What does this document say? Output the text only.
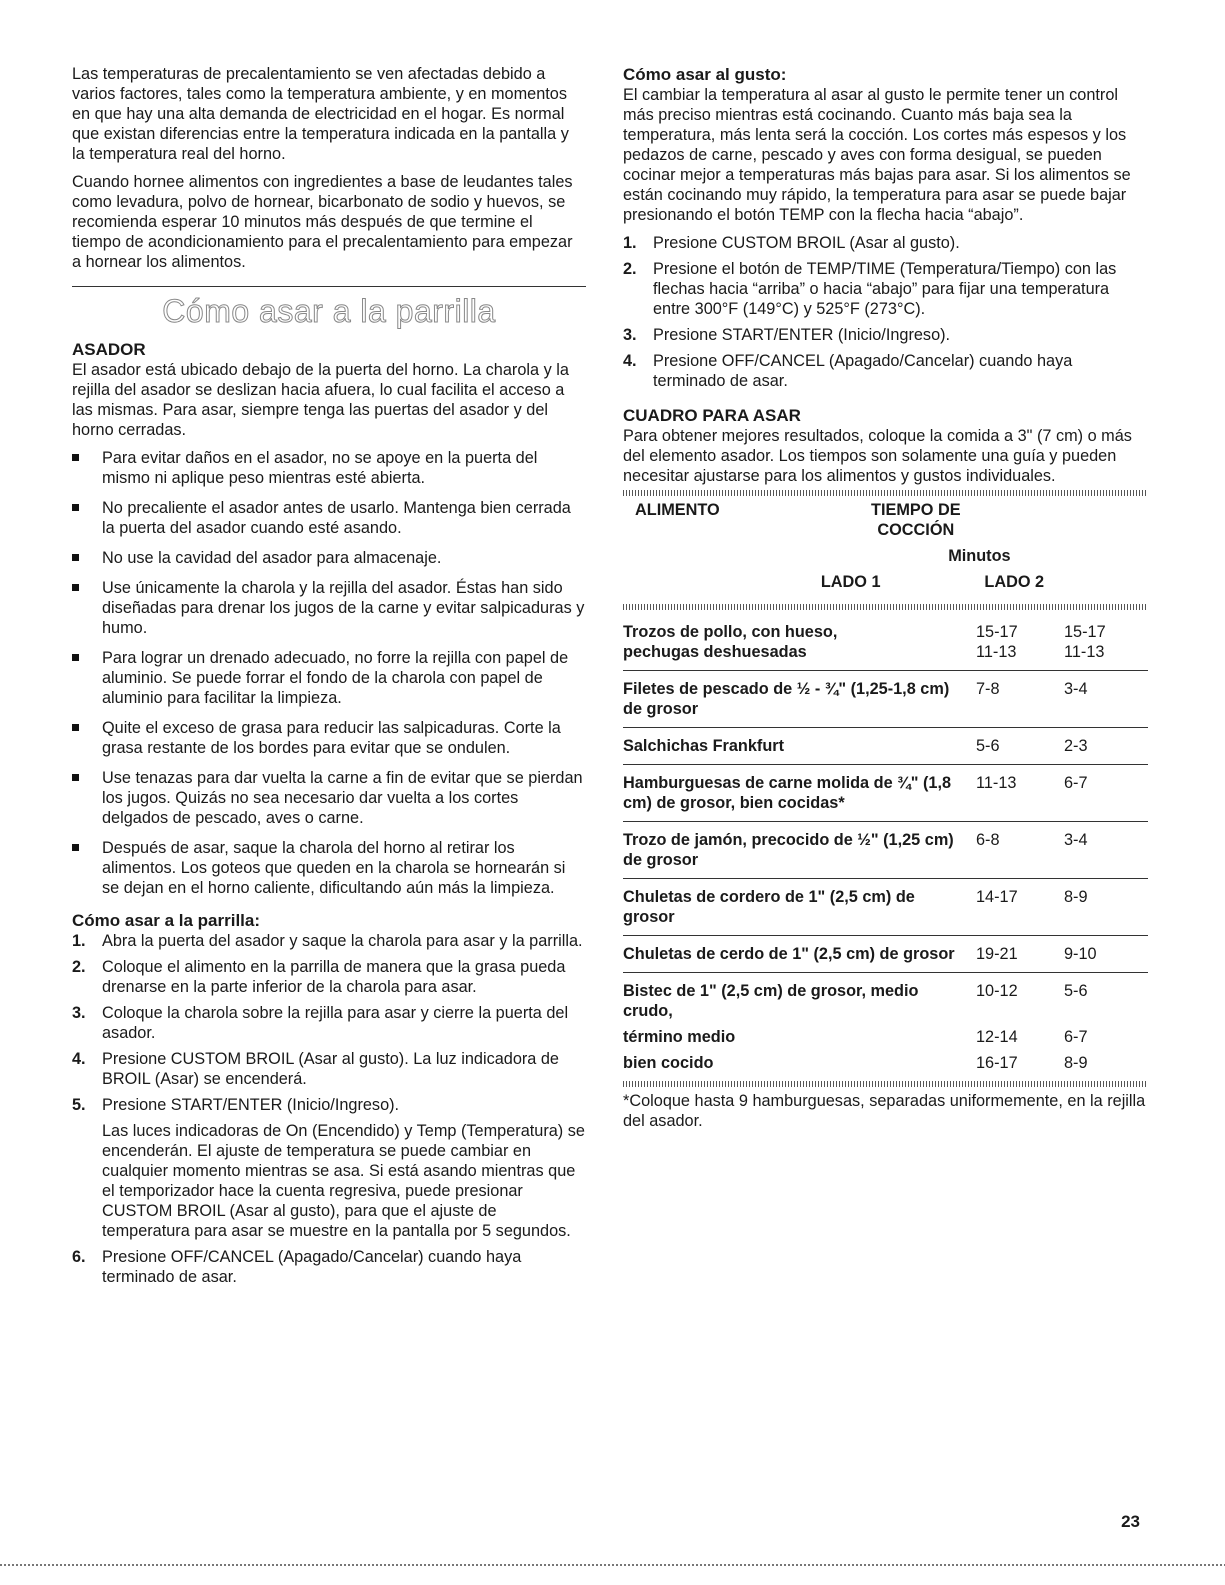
Las temperaturas de precalentamiento se ven afectadas debido a varios factores, tales como la temperatura ambiente, y en momentos en que hay una alta demanda de electricidad en el hogar. Es normal que existan diferencias entre la temperatura indicada en la pantalla y la temperatura real del horno.

Cuando hornee alimentos con ingredientes a base de leudantes tales como levadura, polvo de hornear, bicarbonato de sodio y huevos, se recomienda esperar 10 minutos más después de que termine el tiempo de acondicionamiento para el precalentamiento para empezar a hornear los alimentos.

Cómo asar a la parrilla
ASADOR

El asador está ubicado debajo de la puerta del horno. La charola y la rejilla del asador se deslizan hacia afuera, lo cual facilita el acceso a las mismas. Para asar, siempre tenga las puertas del asador y del horno cerradas.

Para evitar daños en el asador, no se apoye en la puerta del mismo ni aplique peso mientras esté abierta.
No precaliente el asador antes de usarlo. Mantenga bien cerrada la puerta del asador cuando esté asando.
No use la cavidad del asador para almacenaje.
Use únicamente la charola y la rejilla del asador. Éstas han sido diseñadas para drenar los jugos de la carne y evitar salpicaduras y humo.
Para lograr un drenado adecuado, no forre la rejilla con papel de aluminio. Se puede forrar el fondo de la charola con papel de aluminio para facilitar la limpieza.
Quite el exceso de grasa para reducir las salpicaduras. Corte la grasa restante de los bordes para evitar que se ondulen.
Use tenazas para dar vuelta la carne a fin de evitar que se pierdan los jugos. Quizás no sea necesario dar vuelta a los cortes delgados de pescado, aves o carne.
Después de asar, saque la charola del horno al retirar los alimentos. Los goteos que queden en la charola se hornearán si se dejan en el horno caliente, dificultando aún más la limpieza.
Cómo asar a la parrilla:
1. Abra la puerta del asador y saque la charola para asar y la parrilla.
2. Coloque el alimento en la parrilla de manera que la grasa pueda drenarse en la parte inferior de la charola para asar.
3. Coloque la charola sobre la rejilla para asar y cierre la puerta del asador.
4. Presione CUSTOM BROIL (Asar al gusto). La luz indicadora de BROIL (Asar) se encenderá.
5. Presione START/ENTER (Inicio/Ingreso).
Las luces indicadoras de On (Encendido) y Temp (Temperatura) se encenderán. El ajuste de temperatura se puede cambiar en cualquier momento mientras se asa. Si está asando mientras que el temporizador hace la cuenta regresiva, puede presionar CUSTOM BROIL (Asar al gusto), para que el ajuste de temperatura para asar se muestre en la pantalla por 5 segundos.
6. Presione OFF/CANCEL (Apagado/Cancelar) cuando haya terminado de asar.
Cómo asar al gusto:

El cambiar la temperatura al asar al gusto le permite tener un control más preciso mientras está cocinando. Cuanto más baja sea la temperatura, más lenta será la cocción. Los cortes más espesos y los pedazos de carne, pescado y aves con forma desigual, se pueden cocinar mejor a temperaturas más bajas para asar. Si los alimentos se están cocinando muy rápido, la temperatura para asar se puede bajar presionando el botón TEMP con la flecha hacia “abajo”.

1. Presione CUSTOM BROIL (Asar al gusto).
2. Presione el botón de TEMP/TIME (Temperatura/Tiempo) con las flechas hacia “arriba” o hacia “abajo” para fijar una temperatura entre 300°F (149°C) y 525°F (273°C).
3. Presione START/ENTER (Inicio/Ingreso).
4. Presione OFF/CANCEL (Apagado/Cancelar) cuando haya terminado de asar.
CUADRO PARA ASAR

Para obtener mejores resultados, coloque la comida a 3" (7 cm) o más del elemento asador. Los tiempos son solamente una guía y pueden necesitar ajustarse para los alimentos y gustos individuales.

ALIMENTO	TIEMPO DE COCCIÓN	

	Minutos	

	LADO 1	LADO 2
Trozos de pollo, con hueso,	15-17	15-17
pechugas deshuesadas	11-13	11-13
Filetes de pescado de ½ - ¾" (1,25-1,8 cm) de grosor	7-8	3-4
Salchichas Frankfurt	5-6	2-3
Hamburguesas de carne molida de ¾" (1,8 cm) de grosor, bien cocidas*	11-13	6-7
Trozo de jamón, precocido de ½" (1,25 cm) de grosor	6-8	3-4
Chuletas de cordero de 1" (2,5 cm) de grosor	14-17	8-9
Chuletas de cerdo de 1" (2,5 cm) de grosor	19-21	9-10
Bistec de 1" (2,5 cm) de grosor, medio crudo,	10-12	5-6
término medio	12-14	6-7
bien cocido	16-17	8-9
*Coloque hasta 9 hamburguesas, separadas uniformemente, en la rejilla del asador.
23
